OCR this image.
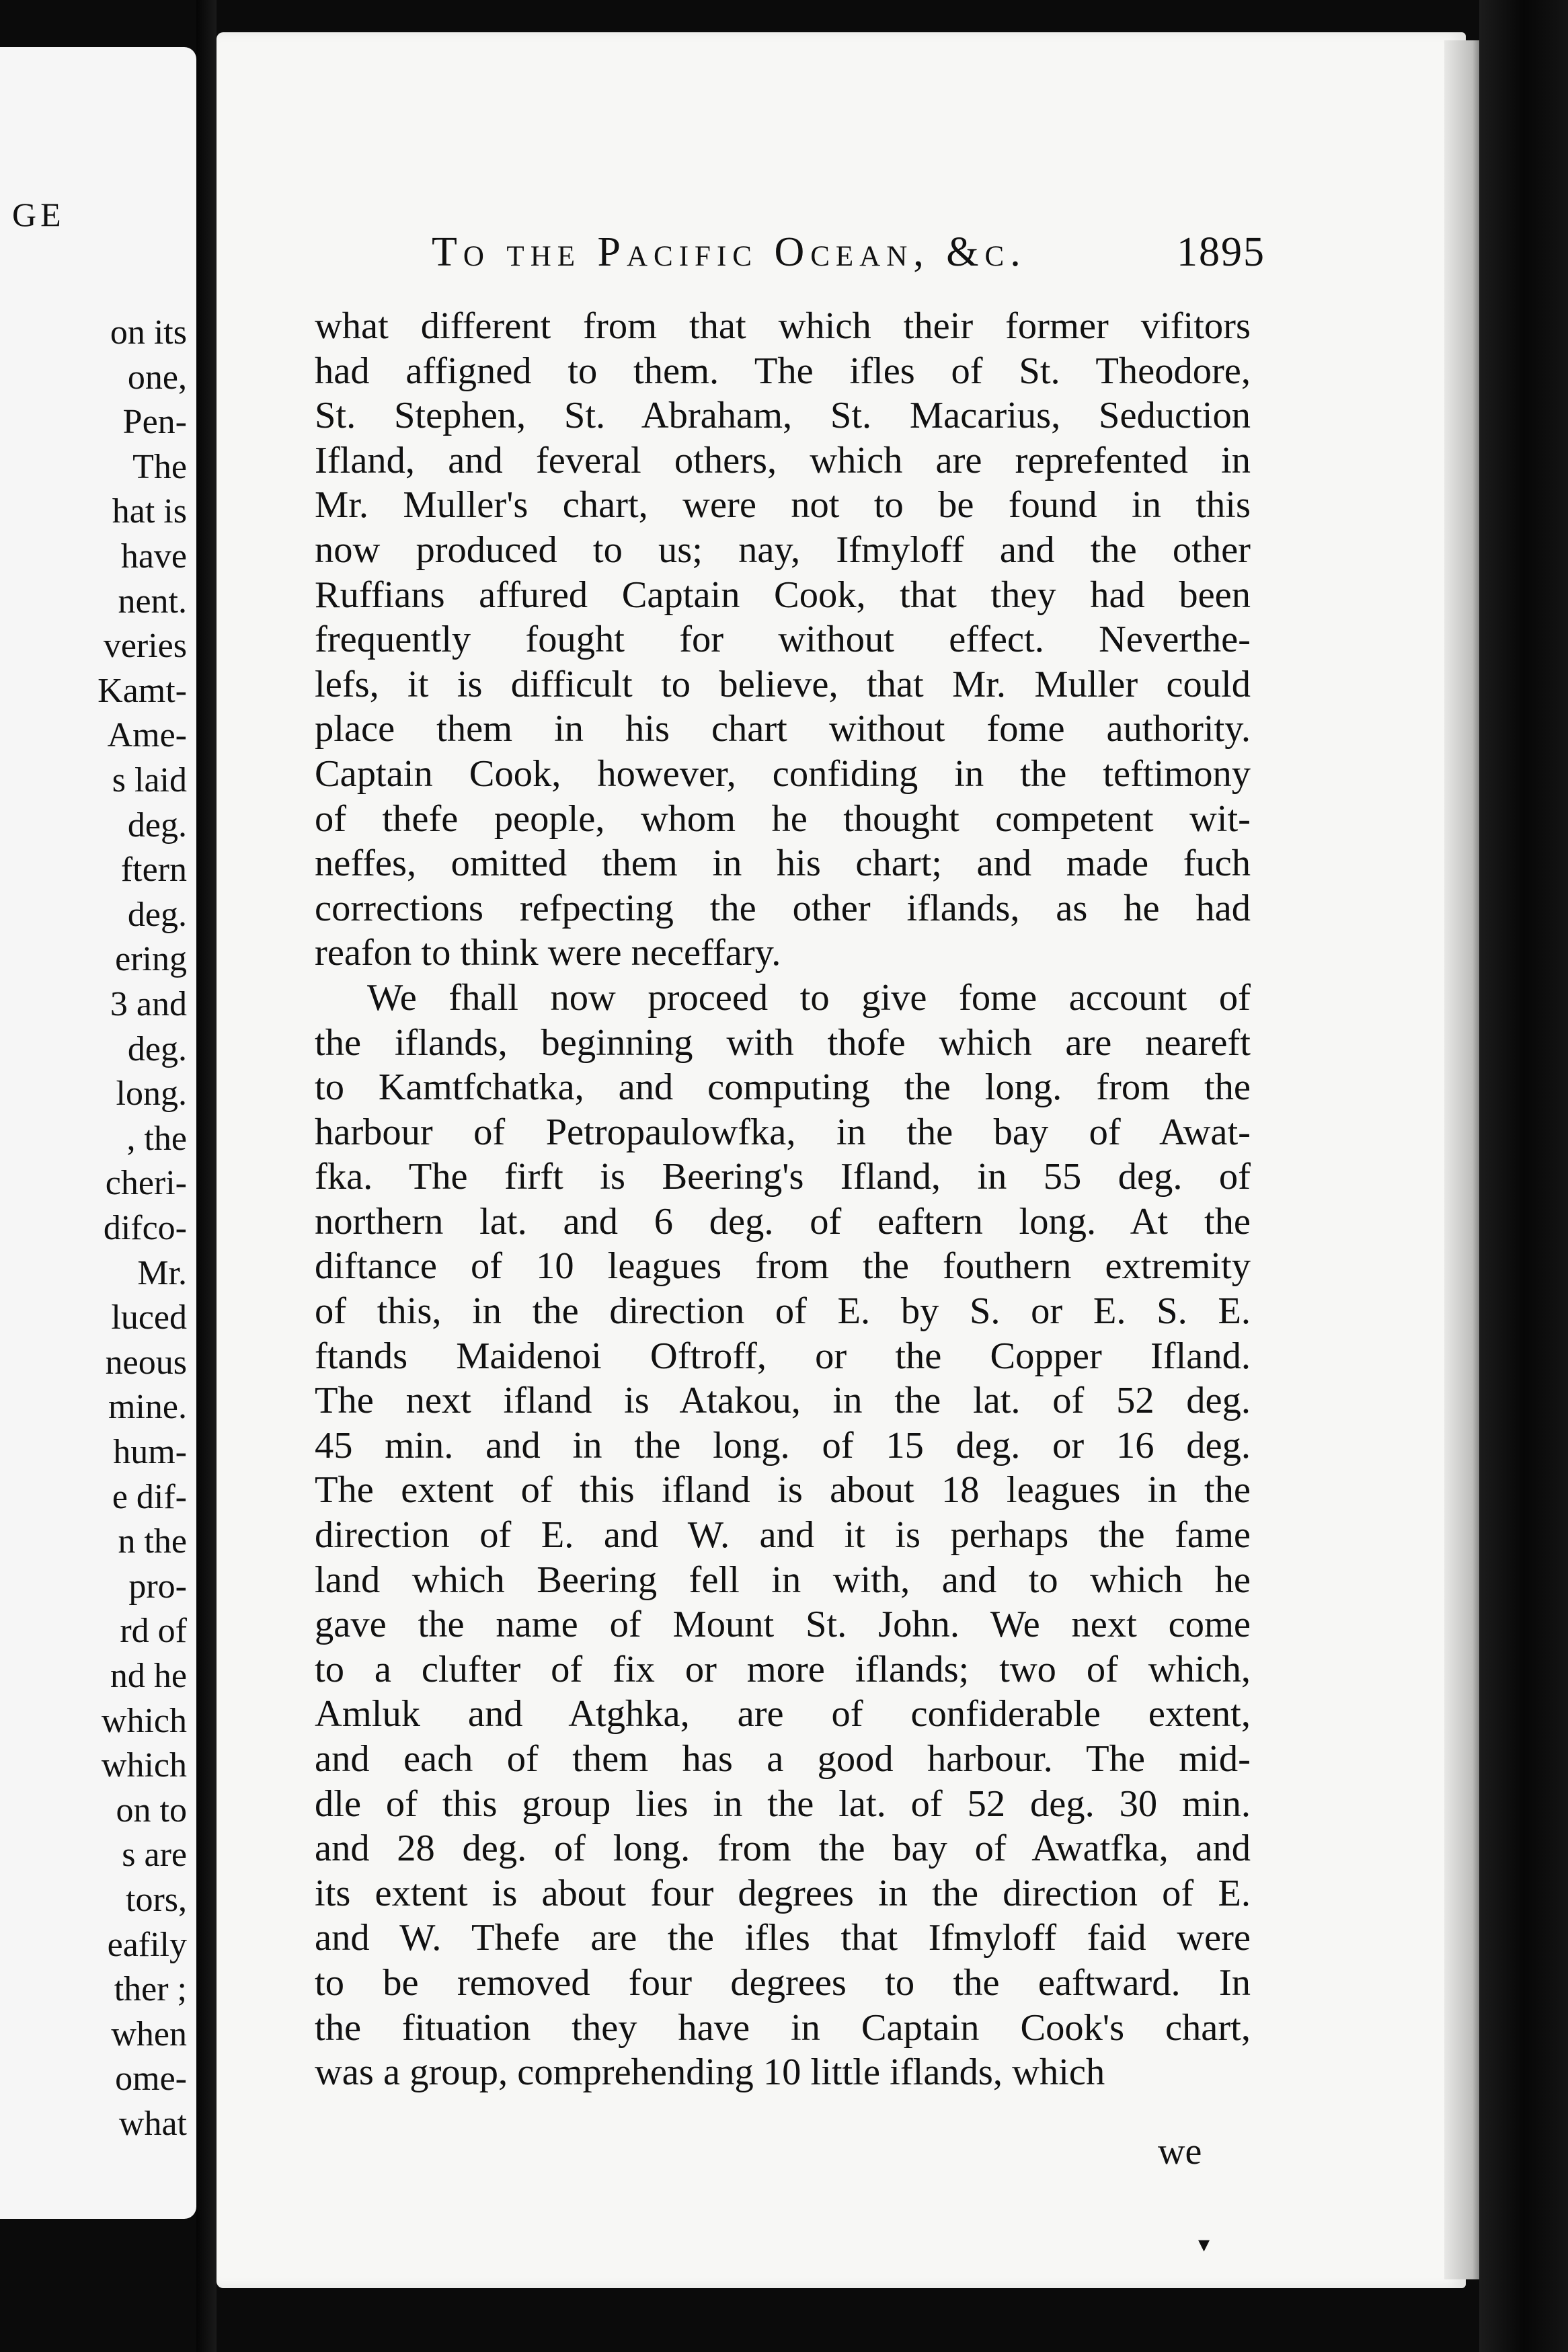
GE
on its
one,
Pen-
The
hat is
have
nent.
veries
Kamt-
Ame-
s laid
deg.
ftern
deg.
ering
3 and
deg.
long.
, the
cheri-
difco-
Mr.
luced
neous
mine.
hum-
e dif-
n the
pro-
rd of
nd he
which
which
on to
s are
tors,
eafily
ther ;
when
ome-
what
To the Pacific Ocean, &c.	1895
what different from that which their former vifitors
had affigned to them. The ifles of St. Theodore,
St. Stephen, St. Abraham, St. Macarius, Seduction
Ifland, and feveral others, which are reprefented in
Mr. Muller's chart, were not to be found in this
now produced to us; nay, Ifmyloff and the other
Ruffians affured Captain Cook, that they had been
frequently fought for without effect. Neverthe-
lefs, it is difficult to believe, that Mr. Muller could
place them in his chart without fome authority.
Captain Cook, however, confiding in the teftimony
of thefe people, whom he thought competent wit-
neffes, omitted them in his chart; and made fuch
corrections refpecting the other iflands, as he had
reafon to think were neceffary.
We fhall now proceed to give fome account of
the iflands, beginning with thofe which are neareft
to Kamtfchatka, and computing the long. from the
harbour of Petropaulowfka, in the bay of Awat-
fka. The firft is Beering's Ifland, in 55 deg. of
northern lat. and 6 deg. of eaftern long. At the
diftance of 10 leagues from the fouthern extremity
of this, in the direction of E. by S. or E. S. E.
ftands Maidenoi Oftroff, or the Copper Ifland.
The next ifland is Atakou, in the lat. of 52 deg.
45 min. and in the long. of 15 deg. or 16 deg.
The extent of this ifland is about 18 leagues in the
direction of E. and W. and it is perhaps the fame
land which Beering fell in with, and to which he
gave the name of Mount St. John. We next come
to a clufter of fix or more iflands; two of which,
Amluk and Atghka, are of confiderable extent,
and each of them has a good harbour. The mid-
dle of this group lies in the lat. of 52 deg. 30 min.
and 28 deg. of long. from the bay of Awatfka, and
its extent is about four degrees in the direction of E.
and W. Thefe are the ifles that Ifmyloff faid were
to be removed four degrees to the eaftward. In
the fituation they have in Captain Cook's chart,
was a group, comprehending 10 little iflands, which
we
▾
